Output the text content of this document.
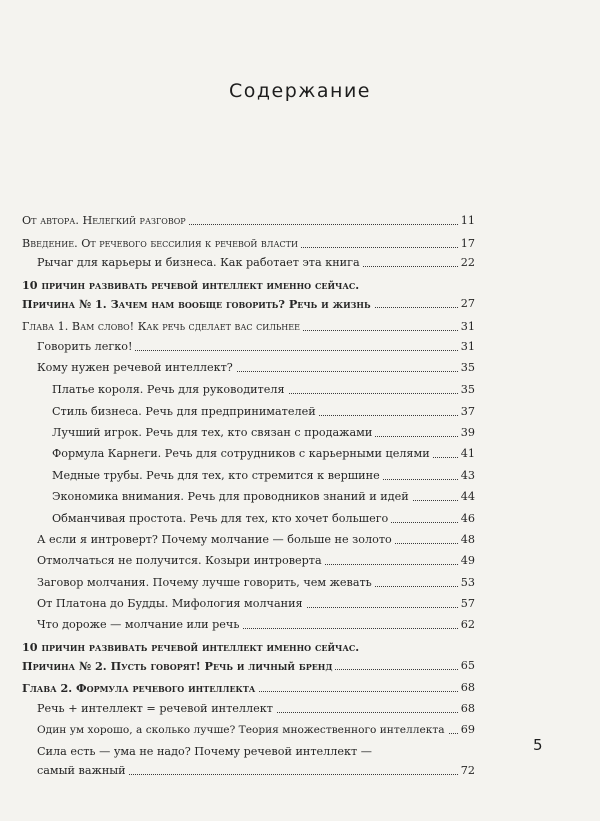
Содержание
От автора. Нелегкий разговор	11
Введение. От речевого бессилия к речевой власти	17
Рычаг для карьеры и бизнеса. Как работает эта книга	22
10 причин развивать речевой интеллект именно сейчас.
Причина № 1. Зачем нам вообще говорить? Речь и жизнь	27
Глава 1. Вам слово! Как речь сделает вас сильнее	31
Говорить легко!	31
Кому нужен речевой интеллект?	35
Платье короля. Речь для руководителя	35
Стиль бизнеса. Речь для предпринимателей	37
Лучший игрок. Речь для тех, кто связан с продажами	39
Формула Карнеги. Речь для сотрудников с карьерными целями	41
Медные трубы. Речь для тех, кто стремится к вершине	43
Экономика внимания. Речь для проводников знаний и идей	44
Обманчивая простота. Речь для тех, кто хочет большего	46
А если я интроверт? Почему молчание — больше не золото	48
Отмолчаться не получится. Козыри интроверта	49
Заговор молчания. Почему лучше говорить, чем жевать	53
От Платона до Будды. Мифология молчания	57
Что дороже — молчание или речь	62
10 причин развивать речевой интеллект именно сейчас.
Причина № 2. Пусть говорят! Речь и личный бренд	65
Глава 2. Формула речевого интеллекта	68
Речь + интеллект = речевой интеллект	68
Один ум хорошо, а сколько лучше? Теория множественного интеллекта 69
Сила есть — ума не надо? Почему речевой интеллект —
самый важный	72
5
